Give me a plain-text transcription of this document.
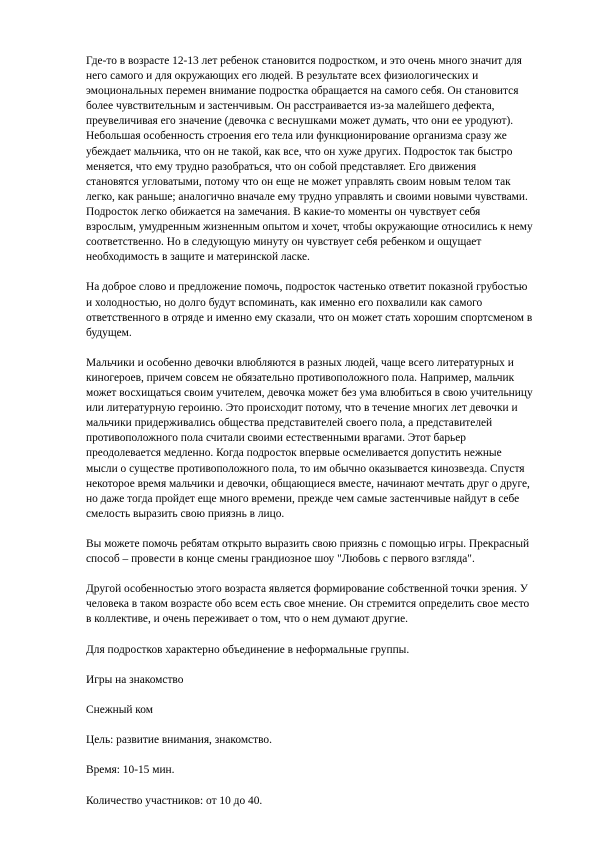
Где-то в возрасте 12-13 лет ребенок становится подростком, и это очень много значит для
него самого и для окружающих его людей. В результате всех физиологических и
эмоциональных перемен внимание подростка обращается на самого себя. Он становится
более чувствительным и застенчивым. Он расстраивается из-за малейшего дефекта,
преувеличивая его значение (девочка с веснушками может думать, что они ее уродуют).
Небольшая особенность строения его тела или функционирование организма сразу же
убеждает мальчика, что он не такой, как все, что он хуже других. Подросток так быстро
меняется, что ему трудно разобраться, что он собой представляет. Его движения
становятся угловатыми, потому что он еще не может управлять своим новым телом так
легко, как раньше; аналогично вначале ему трудно управлять и своими новыми чувствами.
Подросток легко обижается на замечания. В какие-то моменты он чувствует себя
взрослым, умудренным жизненным опытом и хочет, чтобы окружающие относились к нему
соответственно. Но в следующую минуту он чувствует себя ребенком и ощущает
необходимость в защите и материнской ласке.

На доброе слово и предложение помочь, подросток частенько ответит показной грубостью
и холодностью, но долго будут вспоминать, как именно его похвалили как самого
ответственного в отряде и именно ему сказали, что он может стать хорошим спортсменом в
будущем.

Мальчики и особенно девочки влюбляются в разных людей, чаще всего литературных и
киногероев, причем совсем не обязательно противоположного пола. Например, мальчик
может восхищаться своим учителем, девочка может без ума влюбиться в свою учительницу
или литературную героиню. Это происходит потому, что в течение многих лет девочки и
мальчики придерживались общества представителей своего пола, а представителей
противоположного пола считали своими естественными врагами. Этот барьер
преодолевается медленно. Когда подросток впервые осмеливается допустить нежные
мысли о существе противоположного пола, то им обычно оказывается кинозвезда. Спустя
некоторое время мальчики и девочки, общающиеся вместе, начинают мечтать друг о друге,
но даже тогда пройдет еще много времени, прежде чем самые застенчивые найдут в себе
смелость выразить свою приязнь в лицо.

Вы можете помочь ребятам открыто выразить свою приязнь с помощью игры. Прекрасный
способ – провести в конце смены грандиозное шоу "Любовь с первого взгляда".

Другой особенностью этого возраста является формирование собственной точки зрения. У
человека в таком возрасте обо всем есть свое мнение. Он стремится определить свое место
в коллективе, и очень переживает о том, что о нем думают другие.

Для подростков характерно объединение в неформальные группы.

Игры на знакомство

Снежный ком

Цель: развитие внимания, знакомство.

Время: 10-15 мин.

Количество участников: от 10 до 40.
